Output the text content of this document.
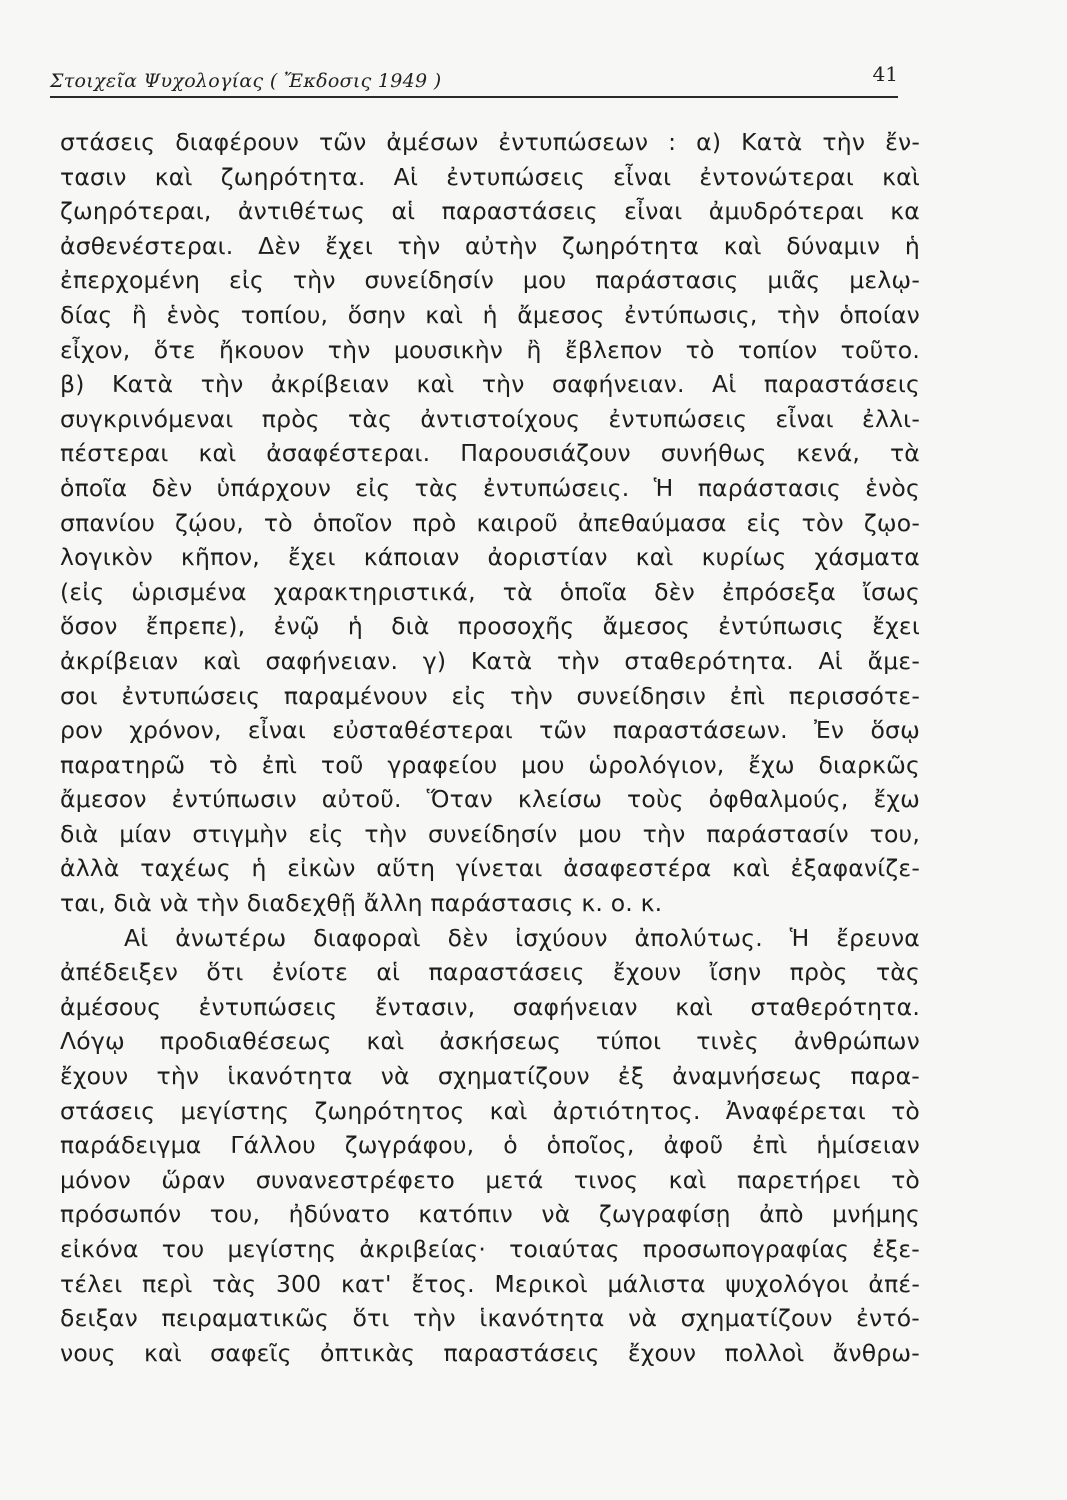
Στοιχεῖα Ψυχολογίας ( Ἔκδοσις 1949 )	41
στάσεις διαφέρουν τῶν ἀμέσων ἐντυπώσεων : α) Κατὰ τὴν ἔν-
τασιν καὶ ζωηρότητα. Αἱ ἐντυπώσεις εἶναι ἐντονώτεραι καὶ
ζωηρότεραι, ἀντιθέτως αἱ παραστάσεις εἶναι ἀμυδρότεραι κα
ἀσθενέστεραι. Δὲν ἔχει τὴν αὐτὴν ζωηρότητα καὶ δύναμιν ἡ
ἐπερχομένη εἰς τὴν συνείδησίν μου παράστασις μιᾶς μελῳ-
δίας ἢ ἑνὸς τοπίου, ὅσην καὶ ἡ ἄμεσος ἐντύπωσις, τὴν ὁποίαν
εἶχον, ὅτε ἤκουον τὴν μουσικὴν ἢ ἔβλεπον τὸ τοπίον τοῦτο.
β) Κατὰ τὴν ἀκρίβειαν καὶ τὴν σαφήνειαν. Αἱ παραστάσεις
συγκρινόμεναι πρὸς τὰς ἀντιστοίχους ἐντυπώσεις εἶναι ἐλλι-
πέστεραι καὶ ἀσαφέστεραι. Παρουσιάζουν συνήθως κενά, τὰ
ὁποῖα δὲν ὑπάρχουν εἰς τὰς ἐντυπώσεις. Ἡ παράστασις ἑνὸς
σπανίου ζῴου, τὸ ὁποῖον πρὸ καιροῦ ἀπεθαύμασα εἰς τὸν ζῳο-
λογικὸν κῆπον, ἔχει κάποιαν ἀοριστίαν καὶ κυρίως χάσματα
(εἰς ὡρισμένα χαρακτηριστικά, τὰ ὁποῖα δὲν ἐπρόσεξα ἴσως
ὅσον ἔπρεπε), ἐνῷ ἡ διὰ προσοχῆς ἄμεσος ἐντύπωσις ἔχει
ἀκρίβειαν καὶ σαφήνειαν. γ) Κατὰ τὴν σταθερότητα. Αἱ ἄμε-
σοι ἐντυπώσεις παραμένουν εἰς τὴν συνείδησιν ἐπὶ περισσότε-
ρον χρόνον, εἶναι εὐσταθέστεραι τῶν παραστάσεων. Ἐν ὅσῳ
παρατηρῶ τὸ ἐπὶ τοῦ γραφείου μου ὡρολόγιον, ἔχω διαρκῶς
ἄμεσον ἐντύπωσιν αὐτοῦ. Ὅταν κλείσω τοὺς ὀφθαλμούς, ἔχω
διὰ μίαν στιγμὴν εἰς τὴν συνείδησίν μου τὴν παράστασίν του,
ἀλλὰ ταχέως ἡ εἰκὼν αὕτη γίνεται ἀσαφεστέρα καὶ ἐξαφανίζε-
ται, διὰ νὰ τὴν διαδεχθῇ ἄλλη παράστασις κ. ο. κ.
Αἱ ἀνωτέρω διαφοραὶ δὲν ἰσχύουν ἀπολύτως. Ἡ ἔρευνα
ἀπέδειξεν ὅτι ἐνίοτε αἱ παραστάσεις ἔχουν ἴσην πρὸς τὰς
ἀμέσους ἐντυπώσεις ἔντασιν, σαφήνειαν καὶ σταθερότητα.
Λόγῳ προδιαθέσεως καὶ ἀσκήσεως τύποι τινὲς ἀνθρώπων
ἔχουν τὴν ἱκανότητα νὰ σχηματίζουν ἐξ ἀναμνήσεως παρα-
στάσεις μεγίστης ζωηρότητος καὶ ἀρτιότητος. Ἀναφέρεται τὸ
παράδειγμα Γάλλου ζωγράφου, ὁ ὁποῖος, ἀφοῦ ἐπὶ ἡμίσειαν
μόνον ὥραν συνανεστρέφετο μετά τινος καὶ παρετήρει τὸ
πρόσωπόν του, ἠδύνατο κατόπιν νὰ ζωγραφίσῃ ἀπὸ μνήμης
εἰκόνα του μεγίστης ἀκριβείας· τοιαύτας προσωπογραφίας ἐξε-
τέλει περὶ τὰς 300 κατ' ἔτος. Μερικοὶ μάλιστα ψυχολόγοι ἀπέ-
δειξαν πειραματικῶς ὅτι τὴν ἱκανότητα νὰ σχηματίζουν ἐντό-
νους καὶ σαφεῖς ὀπτικὰς παραστάσεις ἔχουν πολλοὶ ἄνθρω-
